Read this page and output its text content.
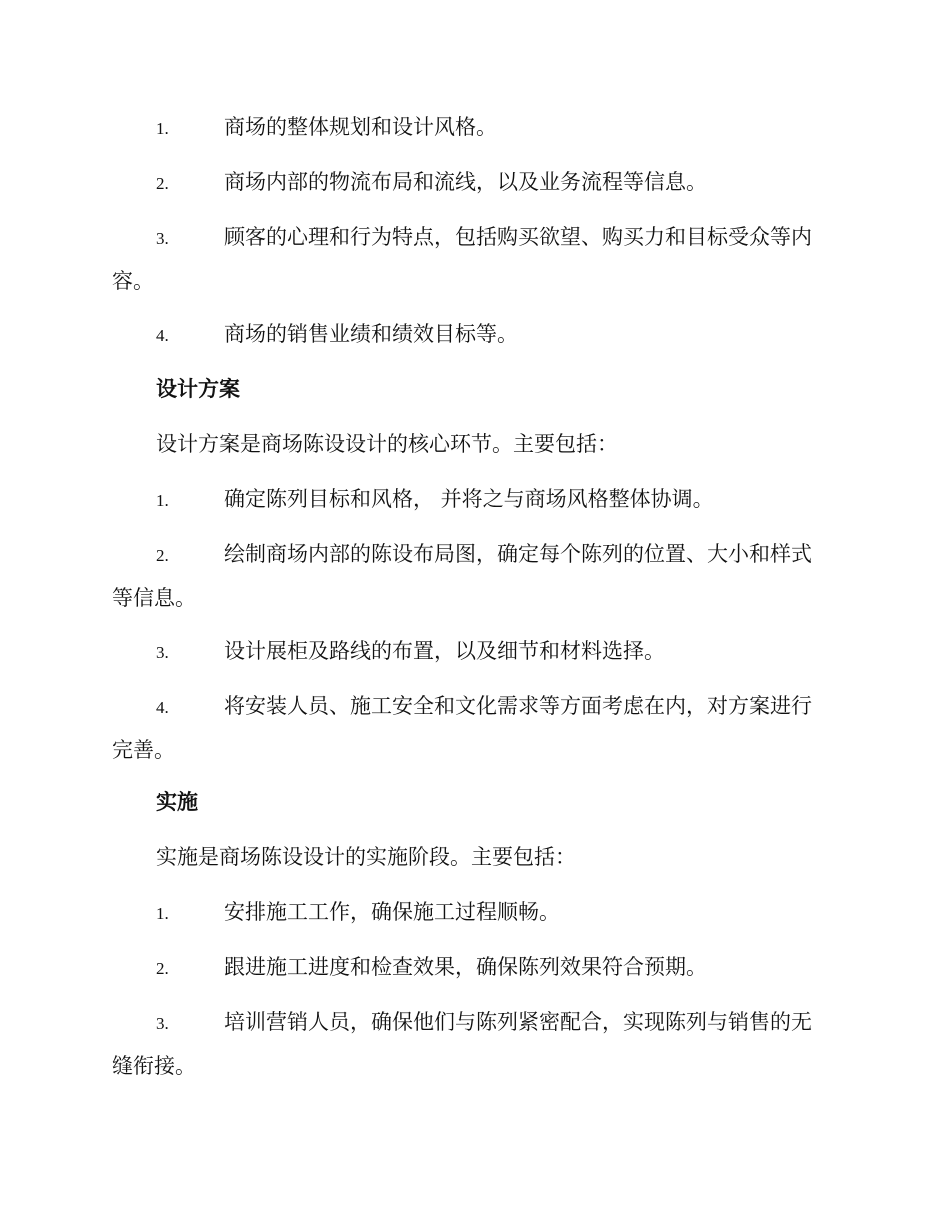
1.	商场的整体规划和设计风格。
2.	商场内部的物流布局和流线，以及业务流程等信息。
3.	顾客的心理和行为特点，包括购买欲望、购买力和目标受众等内容。
4.	商场的销售业绩和绩效目标等。
设计方案
设计方案是商场陈设设计的核心环节。主要包括：
1.	确定陈列目标和风格， 并将之与商场风格整体协调。
2.	绘制商场内部的陈设布局图，确定每个陈列的位置、大小和样式等信息。
3.	设计展柜及路线的布置，以及细节和材料选择。
4.	将安装人员、施工安全和文化需求等方面考虑在内，对方案进行完善。
实施
实施是商场陈设设计的实施阶段。主要包括：
1.	安排施工工作，确保施工过程顺畅。
2.	跟进施工进度和检查效果，确保陈列效果符合预期。
3.	培训营销人员，确保他们与陈列紧密配合，实现陈列与销售的无缝衔接。
